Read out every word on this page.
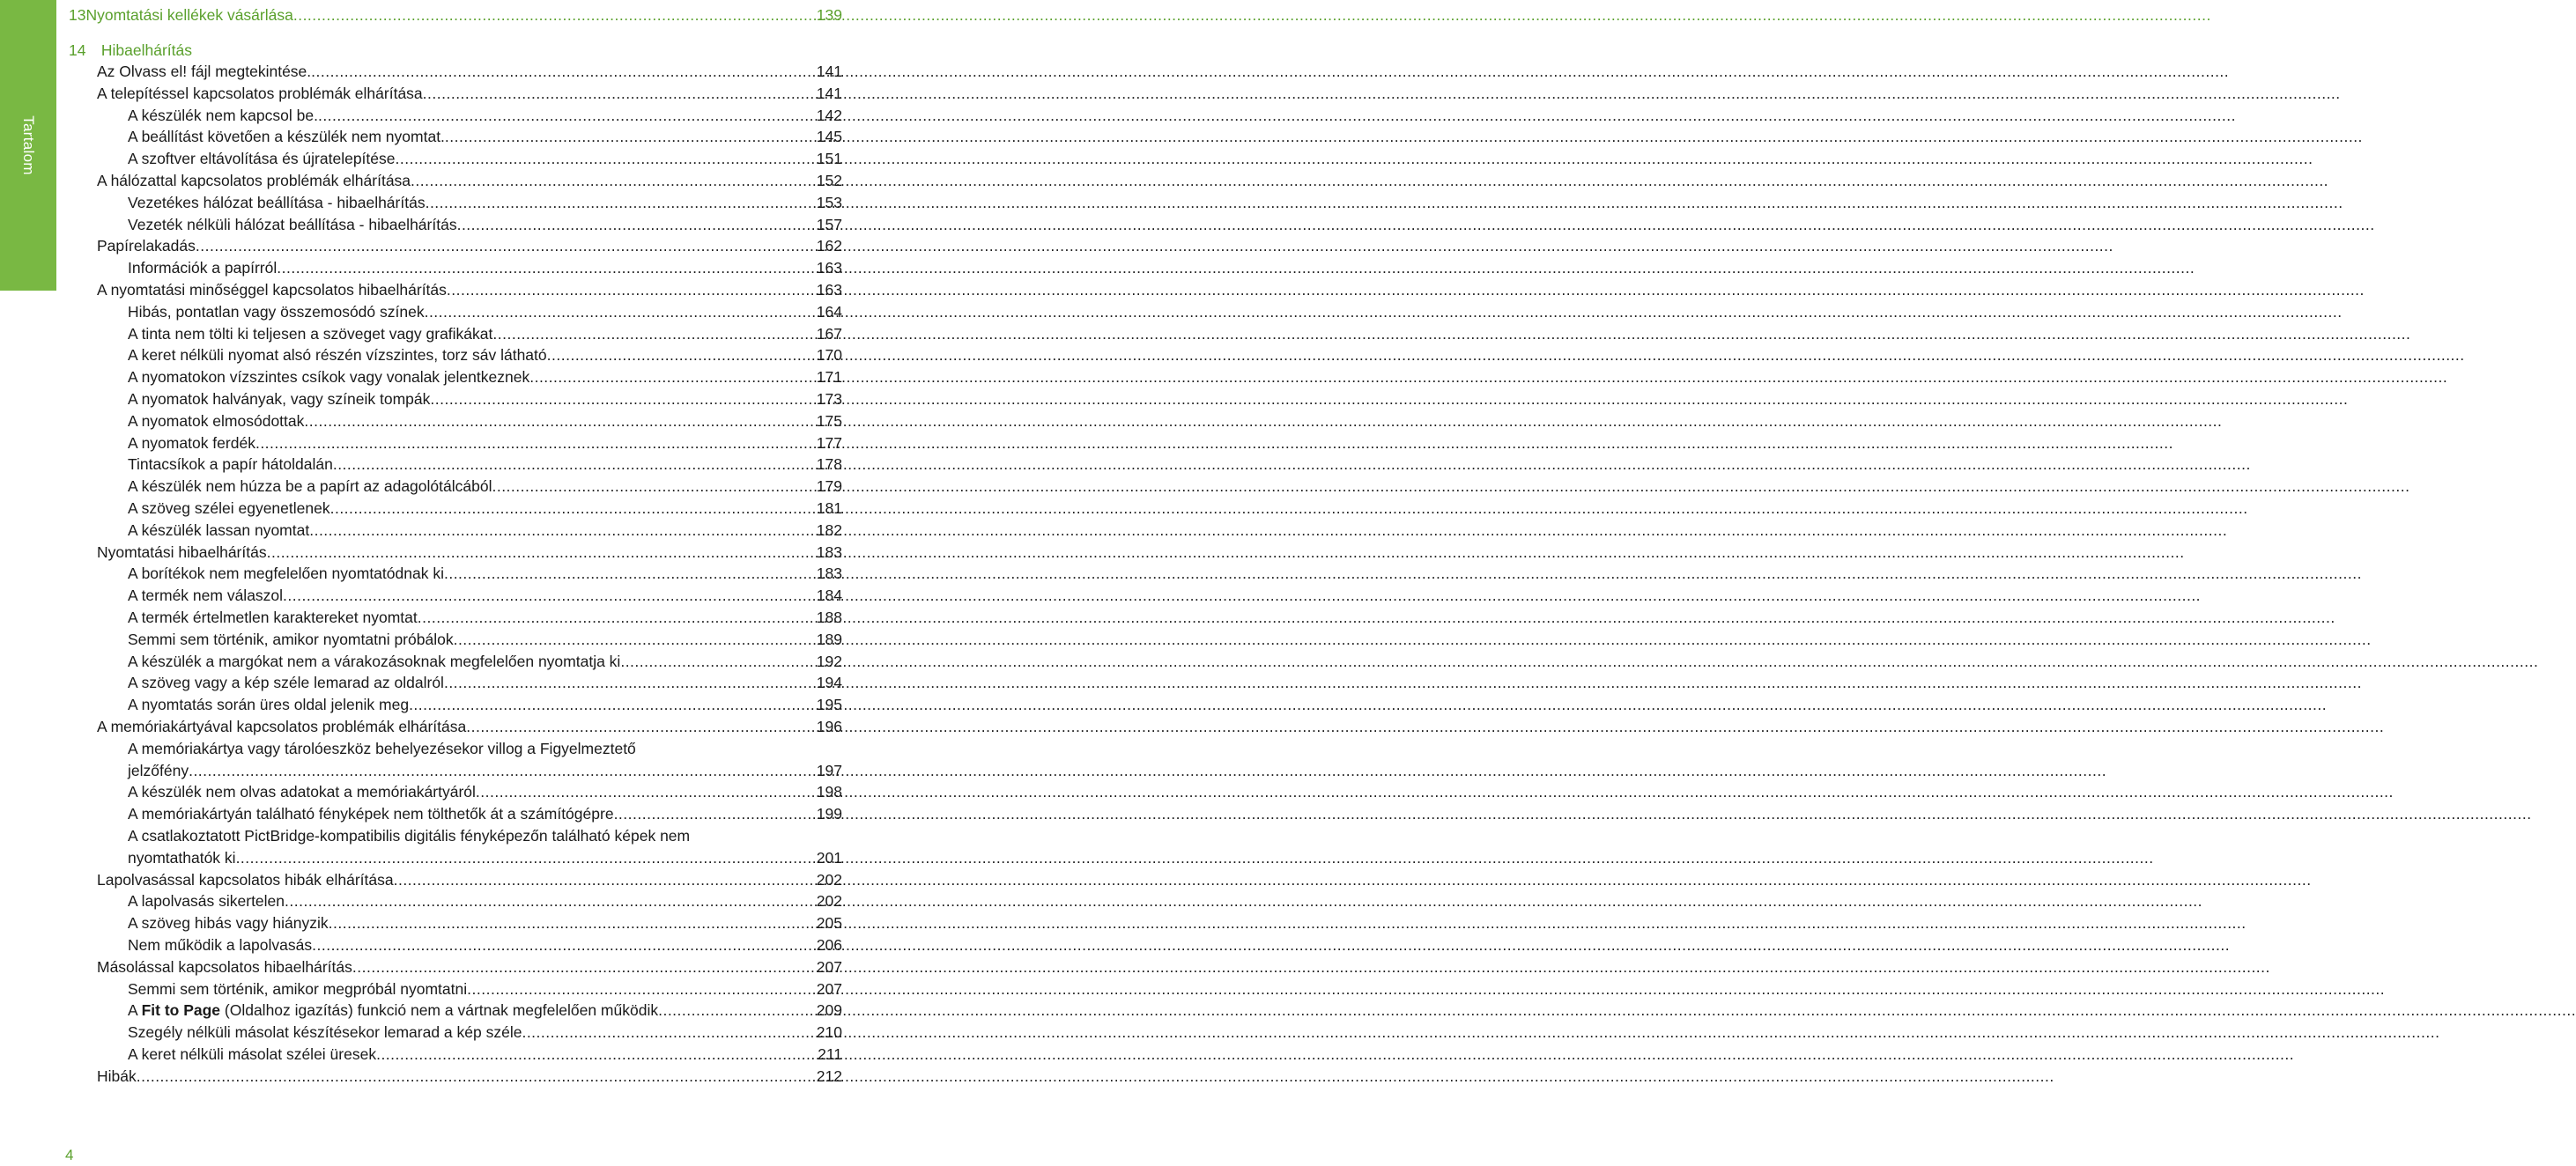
Tartalom
13 Nyomtatási kellékek vásárlása .....	139
14 Hibaelhárítás
Az Olvass el! fájl megtekintése. .....	141
A telepítéssel kapcsolatos problémák elhárítása .....	141
A készülék nem kapcsol be. .....	142
A beállítást követően a készülék nem nyomtat. .....	145
A szoftver eltávolítása és újratelepítése .....	151
A hálózattal kapcsolatos problémák elhárítása .....	152
Vezetékes hálózat beállítása - hibaelhárítás .....	153
Vezeték nélküli hálózat beállítása - hibaelhárítás .....	157
Papírelakadás .....	162
Információk a papírról .....	163
A nyomtatási minőséggel kapcsolatos hibaelhárítás .....	163
Hibás, pontatlan vagy összemosódó színek .....	164
A tinta nem tölti ki teljesen a szöveget vagy grafikákat .....	167
A keret nélküli nyomat alsó részén vízszintes, torz sáv látható .....	170
A nyomatokon vízszintes csíkok vagy vonalak jelentkeznek .....	171
A nyomatok halványak, vagy színeik tompák .....	173
A nyomatok elmosódottak .....	175
A nyomatok ferdék .....	177
Tintacsíkok a papír hátoldalán .....	178
A készülék nem húzza be a papírt az adagolótálcából .....	179
A szöveg szélei egyenetlenek .....	181
A készülék lassan nyomtat .....	182
Nyomtatási hibaelhárítás .....	183
A borítékok nem megfelelően nyomtatódnak ki .....	183
A termék nem válaszol .....	184
A termék értelmetlen karaktereket nyomtat .....	188
Semmi sem történik, amikor nyomtatni próbálok .....	189
A készülék a margókat nem a várakozásoknak megfelelően nyomtatja ki .....	192
A szöveg vagy a kép széle lemarad az oldalról .....	194
A nyomtatás során üres oldal jelenik meg .....	195
A memóriakártyával kapcsolatos problémák elhárítása .....	196
A memóriakártya vagy tárolóeszköz behelyezésekor villog a Figyelmeztető
jelzőfény .....	197
A készülék nem olvas adatokat a memóriakártyáról .....	198
A memóriakártyán található fényképek nem tölthetők át a számítógépre .....	199
A csatlakoztatott PictBridge-kompatibilis digitális fényképezőn található képek nem
nyomtathatók ki .....	201
Lapolvasással kapcsolatos hibák elhárítása .....	202
A lapolvasás sikertelen .....	202
A szöveg hibás vagy hiányzik .....	205
Nem működik a lapolvasás .....	206
Másolással kapcsolatos hibaelhárítás .....	207
Semmi sem történik, amikor megpróbál nyomtatni .....	207
A Fit to Page (Oldalhoz igazítás) funkció nem a vártnak megfelelően működik .....	209
Szegély nélküli másolat készítésekor lemarad a kép széle .....	210
A keret nélküli másolat szélei üresek .....	211
Hibák .....	212
4
